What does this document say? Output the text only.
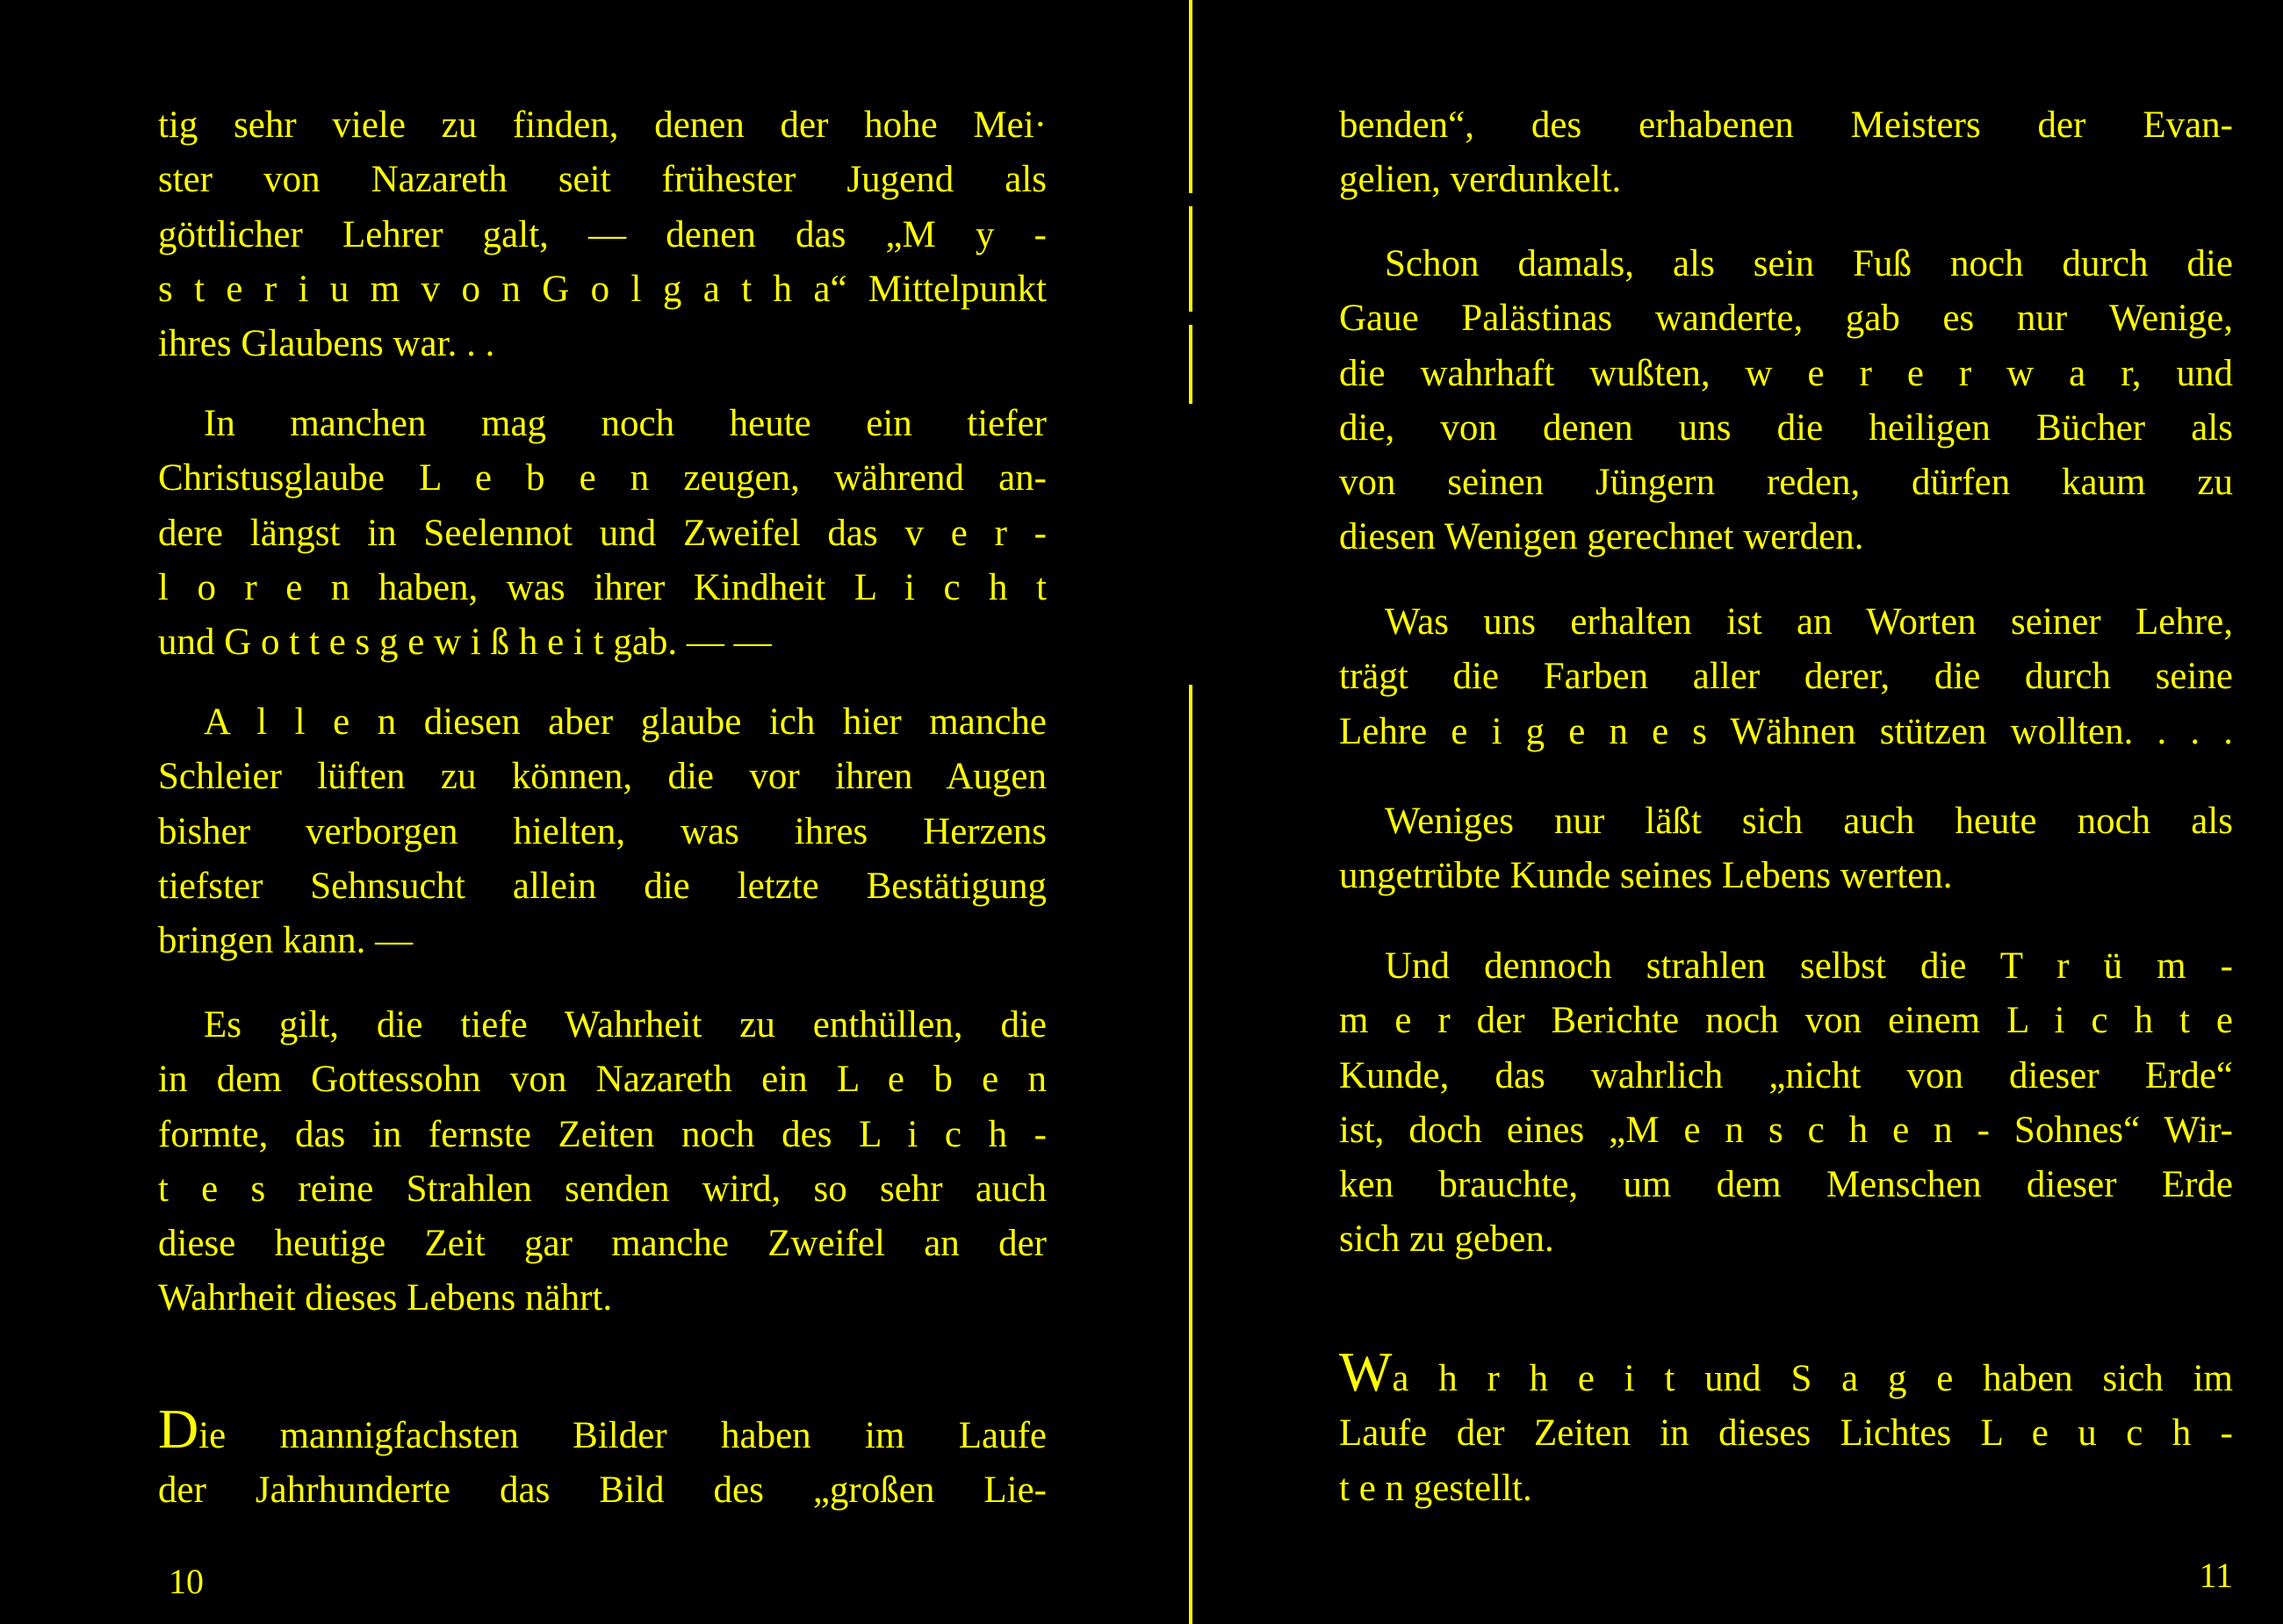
tig sehr viele zu finden, denen der hohe Mei·
ster von Nazareth seit frühester Jugend als
göttlicher Lehrer galt, — denen das „M y -
s t e r i u m v o n G o l g a t h a“ Mittelpunkt
ihres Glaubens war. . .

In manchen mag noch heute ein tiefer
Christusglaube L e b e n zeugen, während an-
dere längst in Seelennot und Zweifel das v e r -
l o r e n haben, was ihrer Kindheit L i c h t
und G o t t e s g e w i ß h e i t gab. — —

A l l e n diesen aber glaube ich hier manche
Schleier lüften zu können, die vor ihren Augen
bisher verborgen hielten, was ihres Herzens
tiefster Sehnsucht allein die letzte Bestätigung
bringen kann. —

Es gilt, die tiefe Wahrheit zu enthüllen, die
in dem Gottessohn von Nazareth ein L e b e n
formte, das in fernste Zeiten noch des L i c h -
t e s reine Strahlen senden wird, so sehr auch
diese heutige Zeit gar manche Zweifel an der
Wahrheit dieses Lebens nährt.

Die mannigfachsten Bilder haben im Laufe
der Jahrhunderte das Bild des „großen Lie-

10

benden“, des erhabenen Meisters der Evan-
gelien, verdunkelt.

Schon damals, als sein Fuß noch durch die
Gaue Palästinas wanderte, gab es nur Wenige,
die wahrhaft wußten, w e r e r w a r, und
die, von denen uns die heiligen Bücher als
von seinen Jüngern reden, dürfen kaum zu
diesen Wenigen gerechnet werden.

Was uns erhalten ist an Worten seiner Lehre,
trägt die Farben aller derer, die durch seine
Lehre e i g e n e s Wähnen stützen wollten. . . .

Weniges nur läßt sich auch heute noch als
ungetrübte Kunde seines Lebens werten.

Und dennoch strahlen selbst die T r ü m -
m e r der Berichte noch von einem L i c h t e
Kunde, das wahrlich „nicht von dieser Erde“
ist, doch eines „M e n s c h e n - Sohnes“ Wir-
ken brauchte, um dem Menschen dieser Erde
sich zu geben.

Wa h r h e i t und S a g e haben sich im
Laufe der Zeiten in dieses Lichtes L e u c h -
t e n gestellt.

11
